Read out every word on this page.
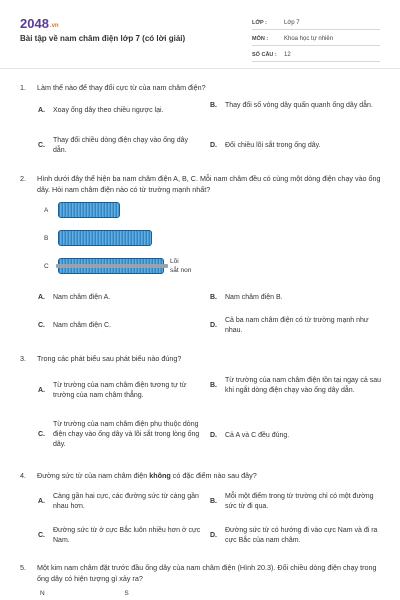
2048.vn
Bài tập về nam châm điện lớp 7 (có lời giải)
LỚP :	Lớp 7
MÔN :	Khoa học tự nhiên
SỐ CÂU :	12
1.	Làm thế nào để thay đổi cực từ của nam châm điện?
A.	Xoay ống dây theo chiều ngược lại.
B.	Thay đổi số vòng dây quấn quanh ống dây dẫn.
C.
Thay đổi chiều dòng điện chạy vào ống dây dẫn.
D.	Đổi chiều lõi sắt trong ống dây.
2.	Hình dưới đây thể hiện ba nam châm điện A, B, C. Mỗi nam châm đều có cùng một dòng điện chạy vào ống dây. Hỏi nam châm điện nào có từ trường mạnh nhất?
A
B
C
Lõi
sắt non
A.	Nam châm điện A.	B.	Nam châm điện B.
C.	Nam châm điện C.	D.
Cả ba nam châm điện có từ trường mạnh như nhau.
3.	Trong các phát biểu sau phát biểu nào đúng?
A.
Từ trường của nam châm điện tương tự từ trường của nam châm thẳng.
B.
Từ trường của nam châm điện tồn tại ngay cả sau khi ngắt dòng điện chạy vào ống dây dẫn.
C.
Từ trường của nam châm điện phụ thuộc dòng điện chạy vào ống dây và lõi sắt trong lòng ống dây.
D.	Cả A và C đều đúng.
4.	Đường sức từ của nam châm điện không có đặc điểm nào sau đây?
A.
Càng gần hai cực, các đường sức từ càng gần nhau hơn.
B.
Mỗi một điểm trong từ trường chỉ có một đường sức từ đi qua.
C.
Đường sức từ ở cực Bắc luôn nhiều hơn ở cực Nam.
D.
Đường sức từ có hướng đi vào cực Nam và đi ra cực Bắc của nam châm.
5.	Một kim nam châm đặt trước đầu ống dây của nam châm điện (Hình 20.3). Đổi chiều dòng điện chạy trong ống dây có hiện tượng gì xảy ra?
N	S
